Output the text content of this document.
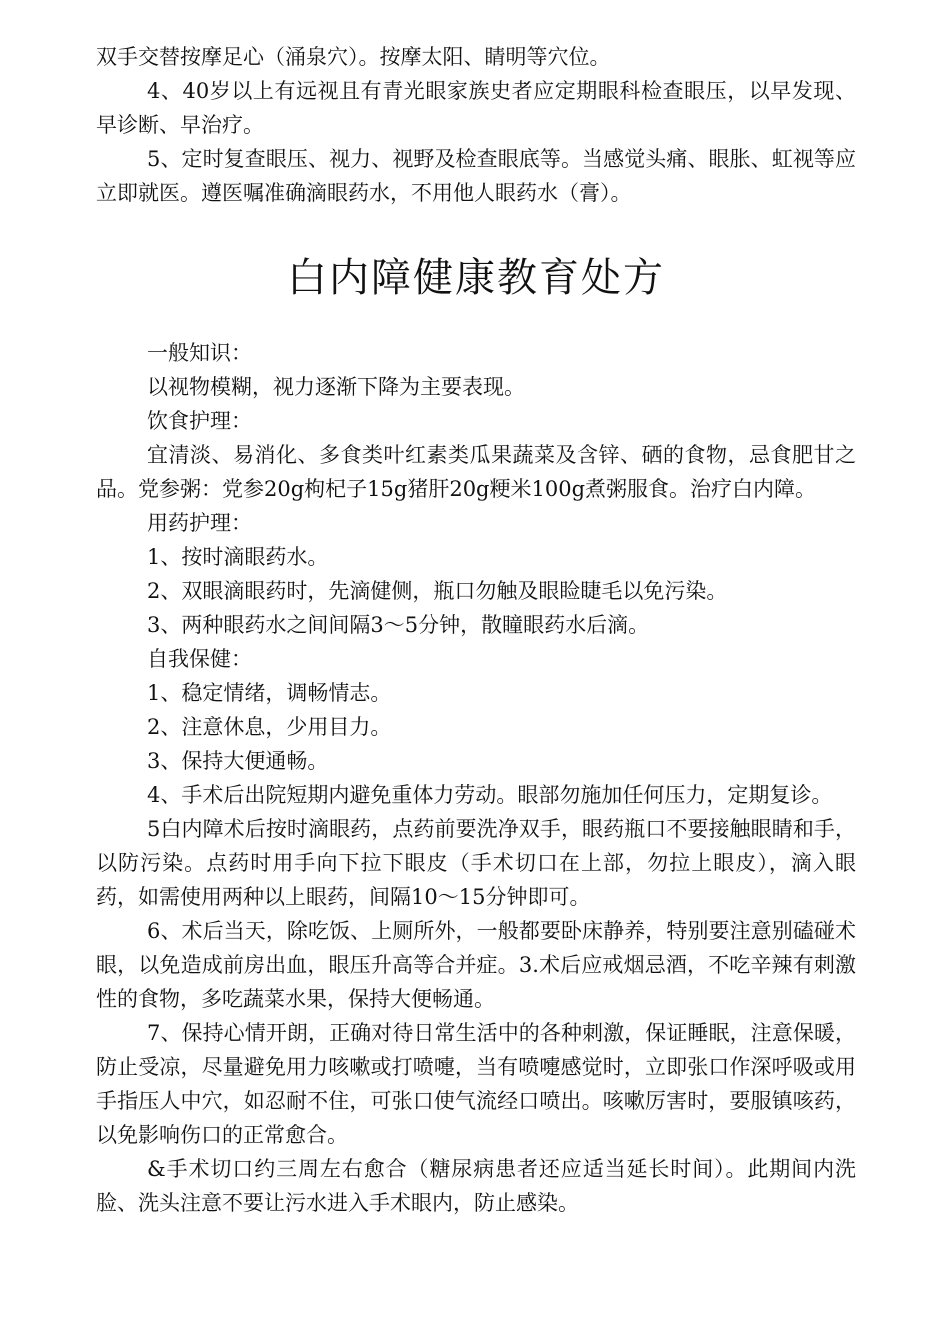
双手交替按摩足心（涌泉穴）。按摩太阳、睛明等穴位。

4、40岁以上有远视且有青光眼家族史者应定期眼科检查眼压，以早发现、早诊断、早治疗。

5、定时复查眼压、视力、视野及检查眼底等。当感觉头痛、眼胀、虹视等应立即就医。遵医嘱准确滴眼药水，不用他人眼药水（膏）。

白内障健康教育处方

一般知识：

以视物模糊，视力逐渐下降为主要表现。

饮食护理：

宜清淡、易消化、多食类叶红素类瓜果蔬菜及含锌、硒的食物，忌食肥甘之品。党参粥：党参20g枸杞子15g猪肝20g粳米100g煮粥服食。治疗白内障。

用药护理：

1、按时滴眼药水。

2、双眼滴眼药时，先滴健侧，瓶口勿触及眼睑睫毛以免污染。

3、两种眼药水之间间隔3〜5分钟，散瞳眼药水后滴。

自我保健：

1、稳定情绪，调畅情志。

2、注意休息，少用目力。

3、保持大便通畅。

4、手术后出院短期内避免重体力劳动。眼部勿施加任何压力，定期复诊。

5白内障术后按时滴眼药，点药前要洗净双手，眼药瓶口不要接触眼睛和手，以防污染。点药时用手向下拉下眼皮（手术切口在上部，勿拉上眼皮），滴入眼药，如需使用两种以上眼药，间隔10〜15分钟即可。

6、术后当天，除吃饭、上厕所外，一般都要卧床静养，特别要注意别磕碰术眼，以免造成前房出血，眼压升高等合并症。3.术后应戒烟忌酒，不吃辛辣有刺激性的食物，多吃蔬菜水果，保持大便畅通。

7、保持心情开朗，正确对待日常生活中的各种刺激，保证睡眠，注意保暖，防止受凉，尽量避免用力咳嗽或打喷嚏，当有喷嚏感觉时，立即张口作深呼吸或用手指压人中穴，如忍耐不住，可张口使气流经口喷出。咳嗽厉害时，要服镇咳药，以免影响伤口的正常愈合。

&手术切口约三周左右愈合（糖尿病患者还应适当延长时间）。此期间内洗脸、洗头注意不要让污水进入手术眼内，防止感染。
